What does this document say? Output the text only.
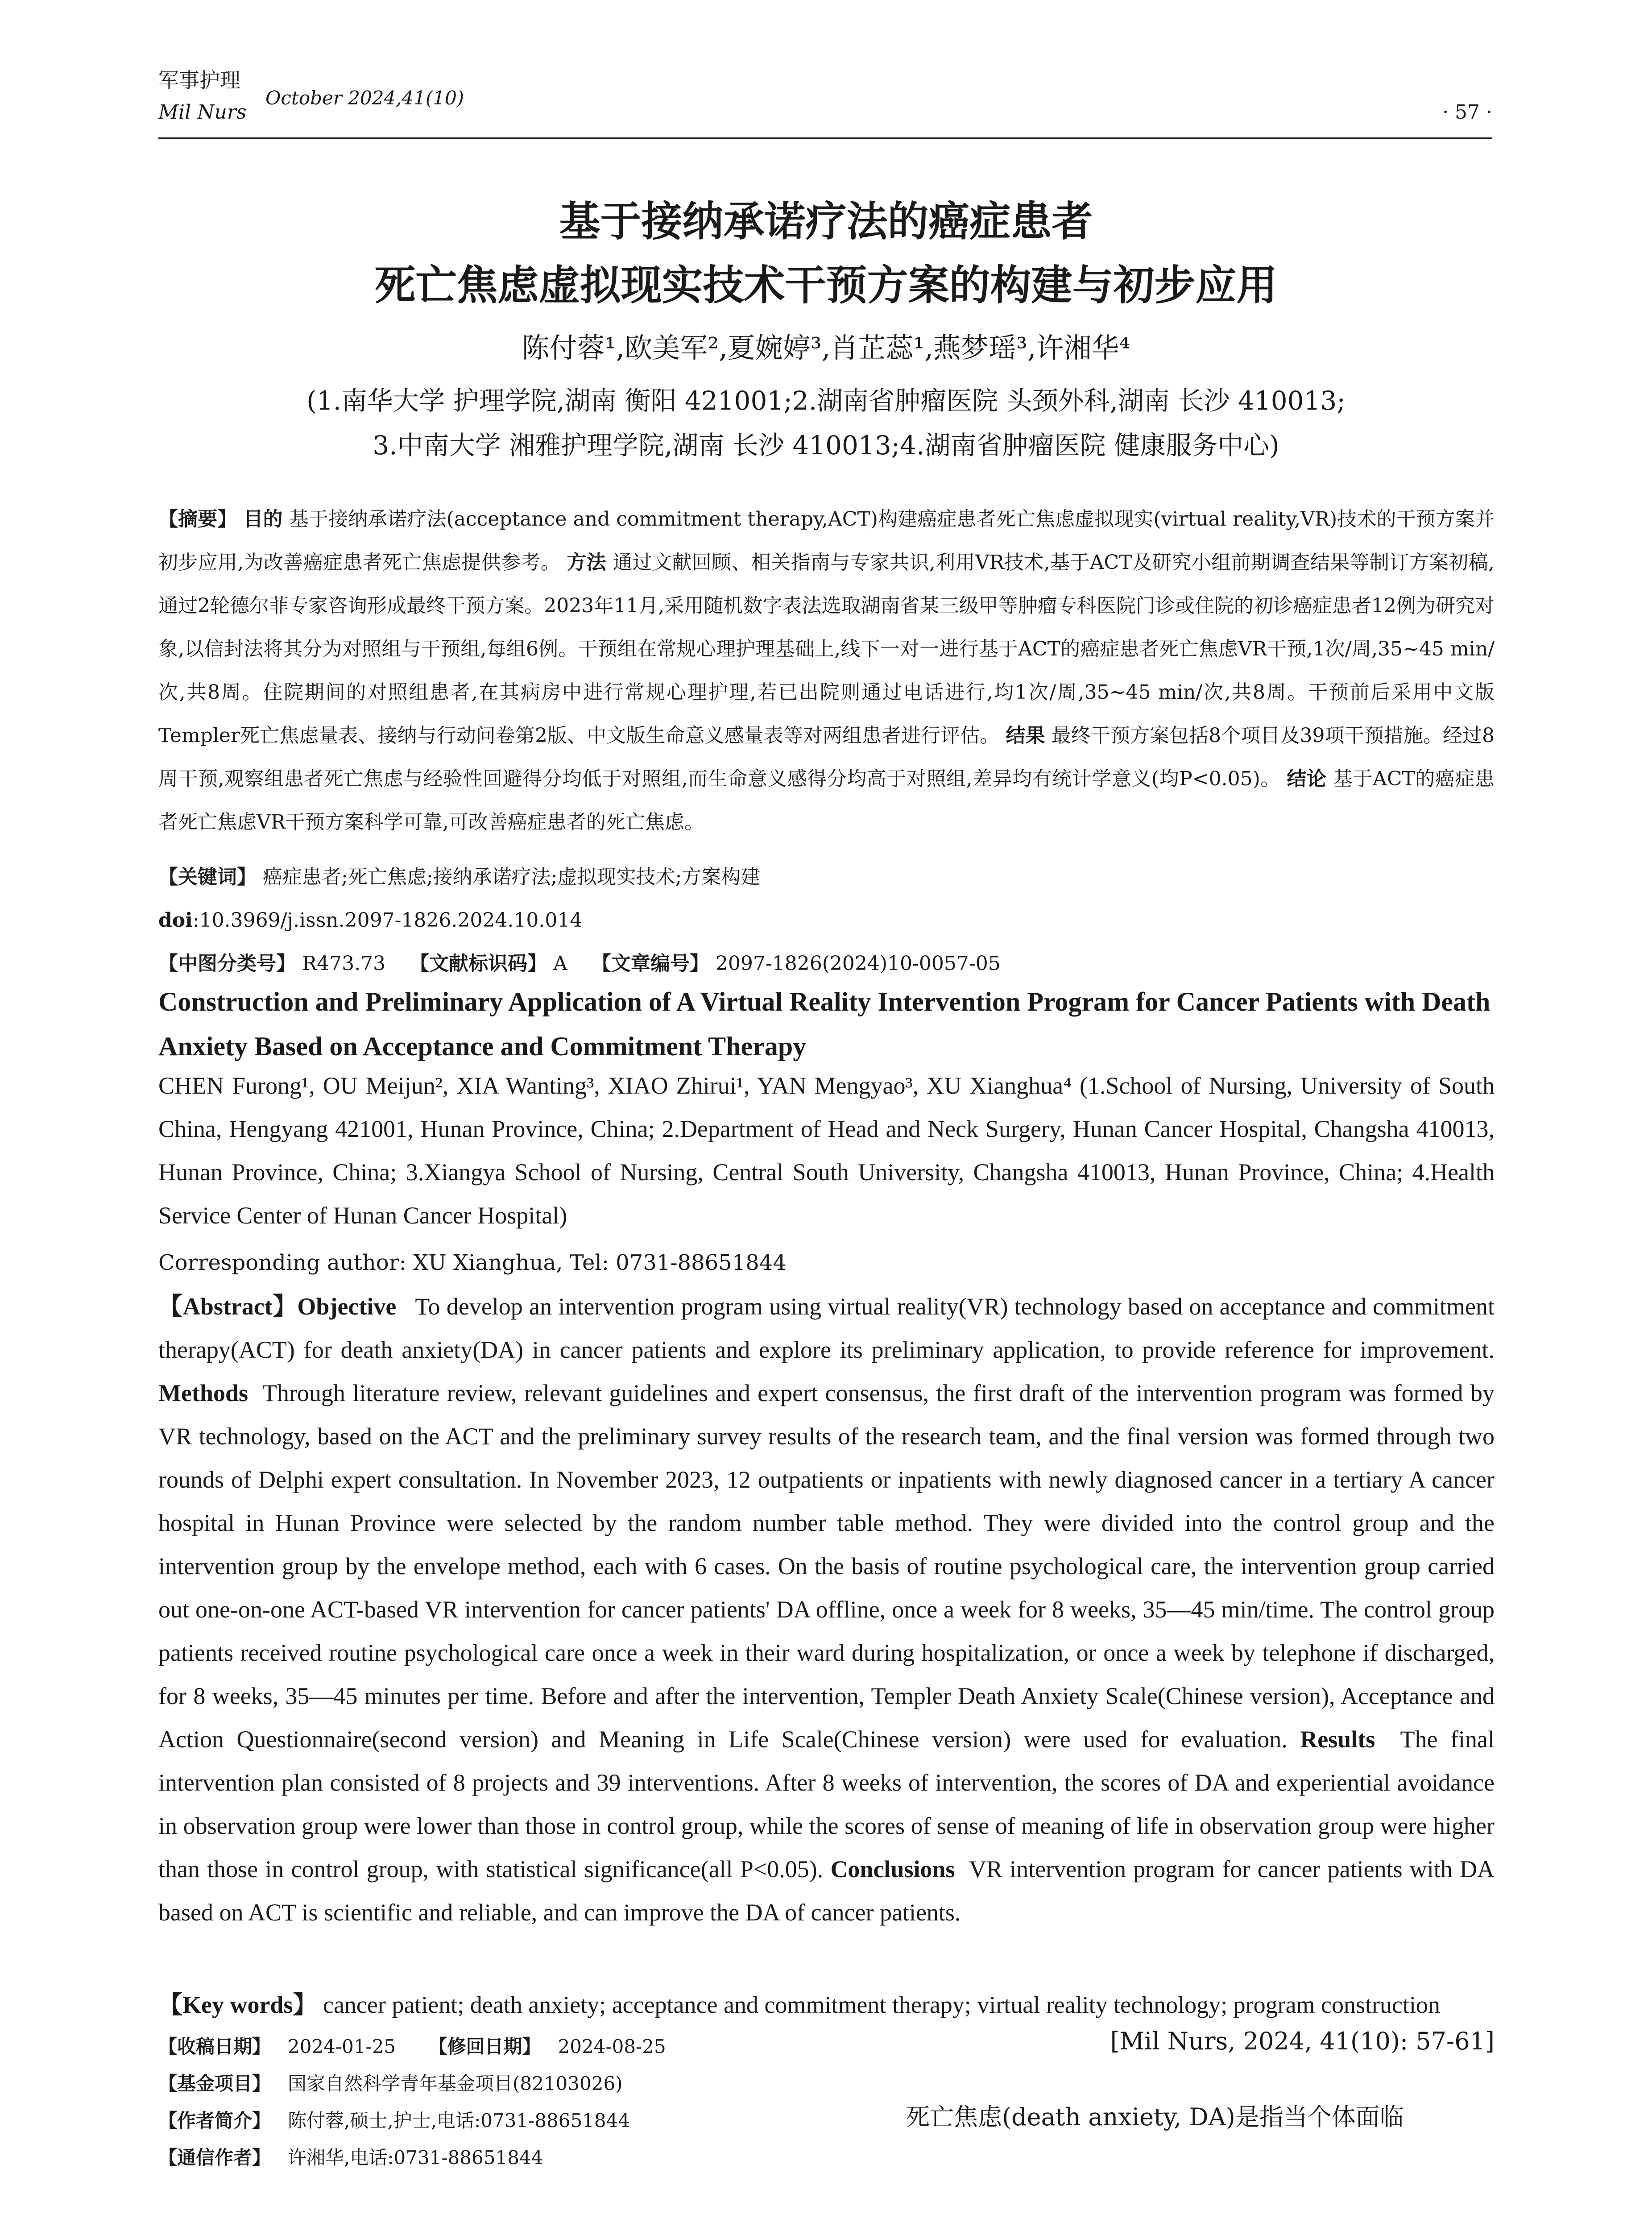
军事护理
Mil Nurs
October 2024,41(10)
· 57 ·
基于接纳承诺疗法的癌症患者
死亡焦虑虚拟现实技术干预方案的构建与初步应用
陈付蓉¹,欧美军²,夏婉婷³,肖芷蕊¹,燕梦瑶³,许湘华⁴
(1.南华大学 护理学院,湖南 衡阳 421001;2.湖南省肿瘤医院 头颈外科,湖南 长沙 410013;
3.中南大学 湘雅护理学院,湖南 长沙 410013;4.湖南省肿瘤医院 健康服务中心)

【摘要】 目的 基于接纳承诺疗法(acceptance and commitment therapy,ACT)构建癌症患者死亡焦虑虚拟现实(virtual reality,VR)技术的干预方案并初步应用,为改善癌症患者死亡焦虑提供参考。 方法 通过文献回顾、相关指南与专家共识,利用VR技术,基于ACT及研究小组前期调查结果等制订方案初稿,通过2轮德尔菲专家咨询形成最终干预方案。2023年11月,采用随机数字表法选取湖南省某三级甲等肿瘤专科医院门诊或住院的初诊癌症患者12例为研究对象,以信封法将其分为对照组与干预组,每组6例。干预组在常规心理护理基础上,线下一对一进行基于ACT的癌症患者死亡焦虑VR干预,1次/周,35~45 min/次,共8周。住院期间的对照组患者,在其病房中进行常规心理护理,若已出院则通过电话进行,均1次/周,35~45 min/次,共8周。干预前后采用中文版Templer死亡焦虑量表、接纳与行动问卷第2版、中文版生命意义感量表等对两组患者进行评估。 结果 最终干预方案包括8个项目及39项干预措施。经过8周干预,观察组患者死亡焦虑与经验性回避得分均低于对照组,而生命意义感得分均高于对照组,差异均有统计学意义(均P<0.05)。 结论 基于ACT的癌症患者死亡焦虑VR干预方案科学可靠,可改善癌症患者的死亡焦虑。

【关键词】 癌症患者;死亡焦虑;接纳承诺疗法;虚拟现实技术;方案构建

doi:10.3969/j.issn.2097-1826.2024.10.014

【中图分类号】 R473.73 【文献标识码】 A 【文章编号】 2097-1826(2024)10-0057-05

Construction and Preliminary Application of A Virtual Reality Intervention Program for Cancer Patients with Death Anxiety Based on Acceptance and Commitment Therapy

CHEN Furong¹, OU Meijun², XIA Wanting³, XIAO Zhirui¹, YAN Mengyao³, XU Xianghua⁴ (1.School of Nursing, University of South China, Hengyang 421001, Hunan Province, China; 2.Department of Head and Neck Surgery, Hunan Cancer Hospital, Changsha 410013, Hunan Province, China; 3.Xiangya School of Nursing, Central South University, Changsha 410013, Hunan Province, China; 4.Health Service Center of Hunan Cancer Hospital)

Corresponding author: XU Xianghua, Tel: 0731-88651844

【Abstract】Objective To develop an intervention program using virtual reality(VR) technology based on acceptance and commitment therapy(ACT) for death anxiety(DA) in cancer patients and explore its preliminary application, to provide reference for improvement. Methods Through literature review, relevant guidelines and expert consensus, the first draft of the intervention program was formed by VR technology, based on the ACT and the preliminary survey results of the research team, and the final version was formed through two rounds of Delphi expert consultation. In November 2023, 12 outpatients or inpatients with newly diagnosed cancer in a tertiary A cancer hospital in Hunan Province were selected by the random number table method. They were divided into the control group and the intervention group by the envelope method, each with 6 cases. On the basis of routine psychological care, the intervention group carried out one-on-one ACT-based VR intervention for cancer patients' DA offline, once a week for 8 weeks, 35—45 min/time. The control group patients received routine psychological care once a week in their ward during hospitalization, or once a week by telephone if discharged, for 8 weeks, 35—45 minutes per time. Before and after the intervention, Templer Death Anxiety Scale(Chinese version), Acceptance and Action Questionnaire(second version) and Meaning in Life Scale(Chinese version) were used for evaluation. Results The final intervention plan consisted of 8 projects and 39 interventions. After 8 weeks of intervention, the scores of DA and experiential avoidance in observation group were lower than those in control group, while the scores of sense of meaning of life in observation group were higher than those in control group, with statistical significance(all P<0.05). Conclusions VR intervention program for cancer patients with DA based on ACT is scientific and reliable, and can improve the DA of cancer patients.

【Key words】 cancer patient; death anxiety; acceptance and commitment therapy; virtual reality technology; program construction

【收稿日期】 2024-01-25 【修回日期】 2024-08-25
【基金项目】 国家自然科学青年基金项目(82103026)
【作者简介】 陈付蓉,硕士,护士,电话:0731-88651844
【通信作者】 许湘华,电话:0731-88651844
[Mil Nurs, 2024, 41(10): 57-61]
死亡焦虑(death anxiety, DA)是指当个体面临
